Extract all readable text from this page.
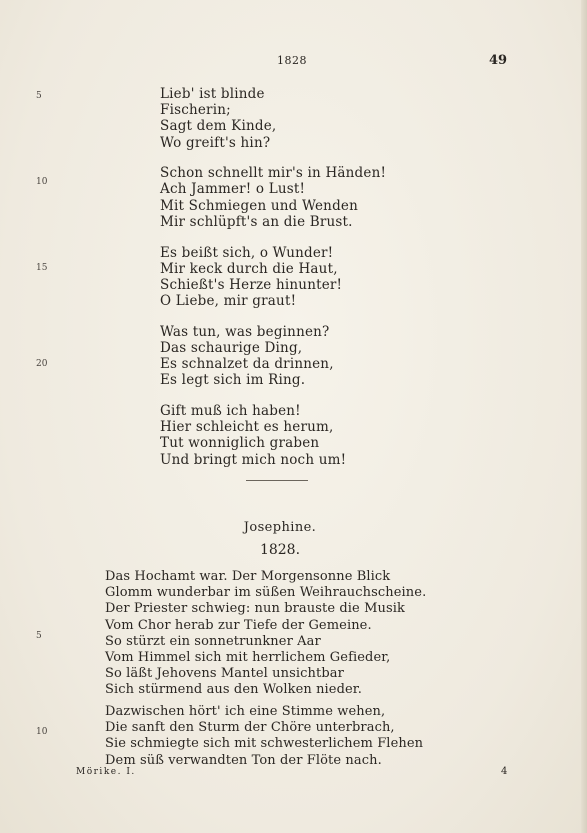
1828	49
5
10
15
20
Lieb' ist blinde
Fischerin;
Sagt dem Kinde,
Wo greift's hin?
Schon schnellt mir's in Händen!
Ach Jammer! o Lust!
Mit Schmiegen und Wenden
Mir schlüpft's an die Brust.
Es beißt sich, o Wunder!
Mir keck durch die Haut,
Schießt's Herze hinunter!
O Liebe, mir graut!
Was tun, was beginnen?
Das schaurige Ding,
Es schnalzet da drinnen,
Es legt sich im Ring.
Gift muß ich haben!
Hier schleicht es herum,
Tut wonniglich graben
Und bringt mich noch um!
Josephine.
1828.
5
10
Das Hochamt war. Der Morgensonne Blick
Glomm wunderbar im süßen Weihrauchscheine.
Der Priester schwieg: nun brauste die Musik
Vom Chor herab zur Tiefe der Gemeine.
So stürzt ein sonnetrunkner Aar
Vom Himmel sich mit herrlichem Gefieder,
So läßt Jehovens Mantel unsichtbar
Sich stürmend aus den Wolken nieder.
Dazwischen hört' ich eine Stimme wehen,
Die sanft den Sturm der Chöre unterbrach,
Sie schmiegte sich mit schwesterlichem Flehen
Dem süß verwandten Ton der Flöte nach.
Mörike. I.	4
